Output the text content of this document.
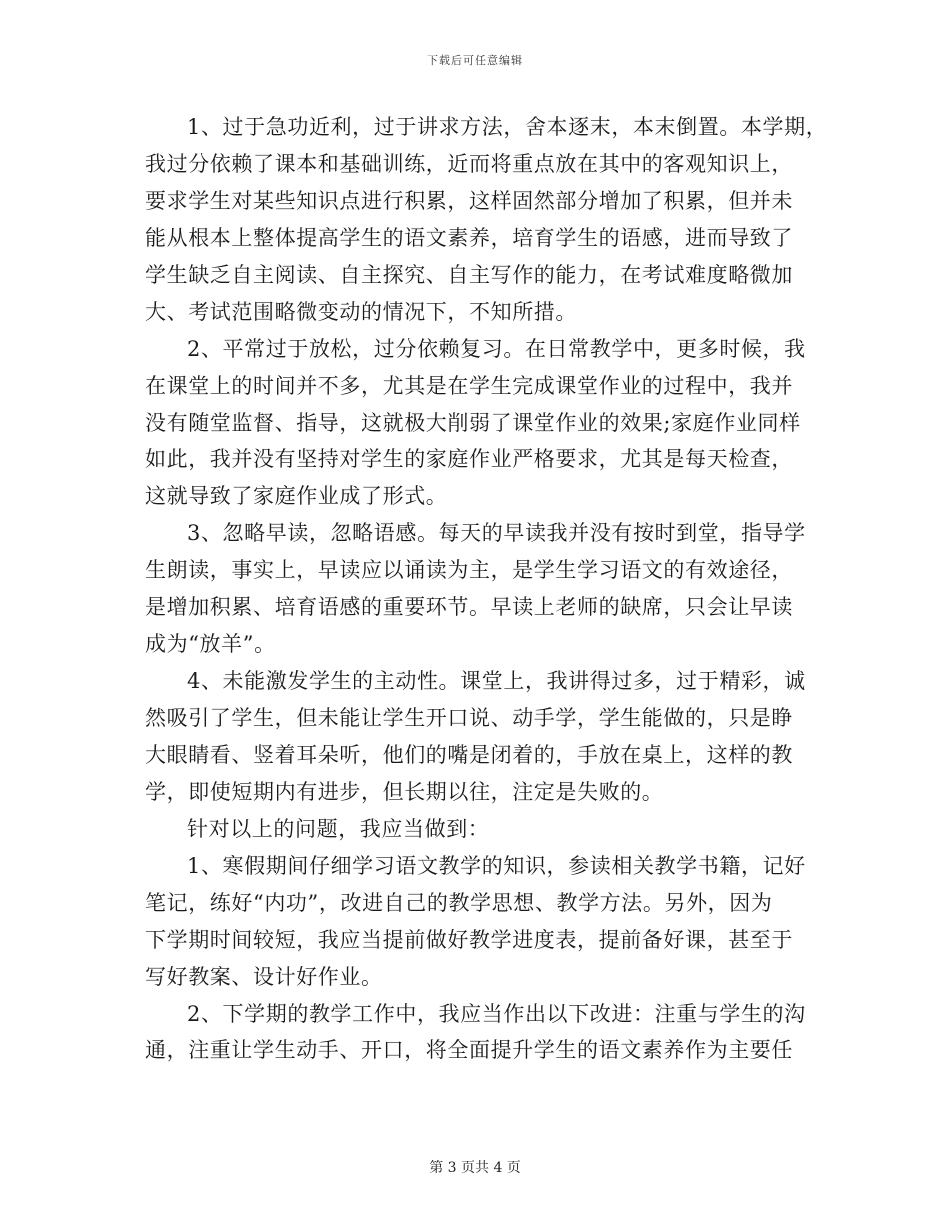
下载后可任意编辑
1、过于急功近利，过于讲求方法，舍本逐末，本末倒置。本学期，
我过分依赖了课本和基础训练，近而将重点放在其中的客观知识上，
要求学生对某些知识点进行积累，这样固然部分增加了积累，但并未
能从根本上整体提高学生的语文素养，培育学生的语感，进而导致了
学生缺乏自主阅读、自主探究、自主写作的能力，在考试难度略微加
大、考试范围略微变动的情况下，不知所措。
2、平常过于放松，过分依赖复习。在日常教学中，更多时候，我
在课堂上的时间并不多，尤其是在学生完成课堂作业的过程中，我并
没有随堂监督、指导，这就极大削弱了课堂作业的效果;家庭作业同样
如此，我并没有坚持对学生的家庭作业严格要求，尤其是每天检查，
这就导致了家庭作业成了形式。
3、忽略早读，忽略语感。每天的早读我并没有按时到堂，指导学
生朗读，事实上，早读应以诵读为主，是学生学习语文的有效途径，
是增加积累、培育语感的重要环节。早读上老师的缺席，只会让早读
成为“放羊”。
4、未能激发学生的主动性。课堂上，我讲得过多，过于精彩，诚
然吸引了学生，但未能让学生开口说、动手学，学生能做的，只是睁
大眼睛看、竖着耳朵听，他们的嘴是闭着的，手放在桌上，这样的教
学，即使短期内有进步，但长期以往，注定是失败的。
针对以上的问题，我应当做到：
1、寒假期间仔细学习语文教学的知识，参读相关教学书籍，记好
笔记，练好“内功”，改进自己的教学思想、教学方法。另外，因为
下学期时间较短，我应当提前做好教学进度表，提前备好课，甚至于
写好教案、设计好作业。
2、下学期的教学工作中，我应当作出以下改进：注重与学生的沟
通，注重让学生动手、开口，将全面提升学生的语文素养作为主要任
第 3 页共 4 页
